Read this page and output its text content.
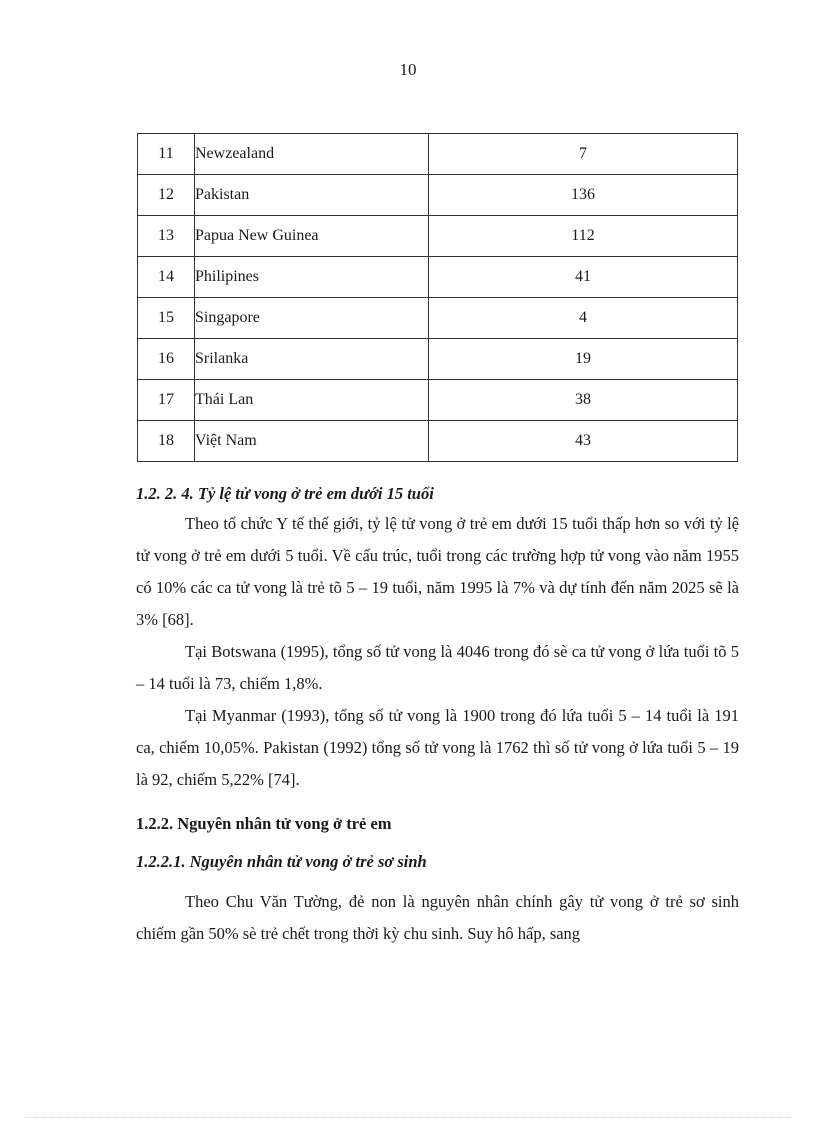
10
11	Newzealand	7
12	Pakistan	136
13	Papua New Guinea	112
14	Philipines	41
15	Singapore	4
16	Srilanka	19
17	Thái Lan	38
18	Việt Nam	43
1.2. 2. 4. Tỷ lệ tử vong ở trẻ em dưới 15 tuổi

Theo tổ chức Y tế thế giới, tỷ lệ tử vong ở trẻ em dưới 15 tuổi thấp hơn so với tỷ lệ tử vong ở trẻ em dưới 5 tuổi. Về cấu trúc, tuổi trong các trường hợp tử vong vào năm 1955 có 10% các ca tử vong là trẻ tõ 5 – 19 tuổi, năm 1995 là 7% và dự tính đến năm 2025 sẽ là 3% [68].

Tại Botswana (1995), tổng số tử vong là 4046 trong đó sè ca tử vong ở lứa tuổi tõ 5 – 14 tuổi là 73, chiếm 1,8%.

Tại Myanmar (1993), tổng số tử vong là 1900 trong đó lứa tuổi 5 – 14 tuổi là 191 ca, chiếm 10,05%. Pakistan (1992) tổng số tử vong là 1762 thì số tử vong ở lứa tuổi 5 – 19 là 92, chiếm 5,22% [74].

1.2.2. Nguyên nhân tử vong ở trẻ em
1.2.2.1. Nguyên nhân tử vong ở trẻ sơ sinh

Theo Chu Văn Tường, đẻ non là nguyên nhân chính gây tử vong ở trẻ sơ sinh chiếm gần 50% sè trẻ chết trong thời kỳ chu sinh. Suy hô hấp, sang
